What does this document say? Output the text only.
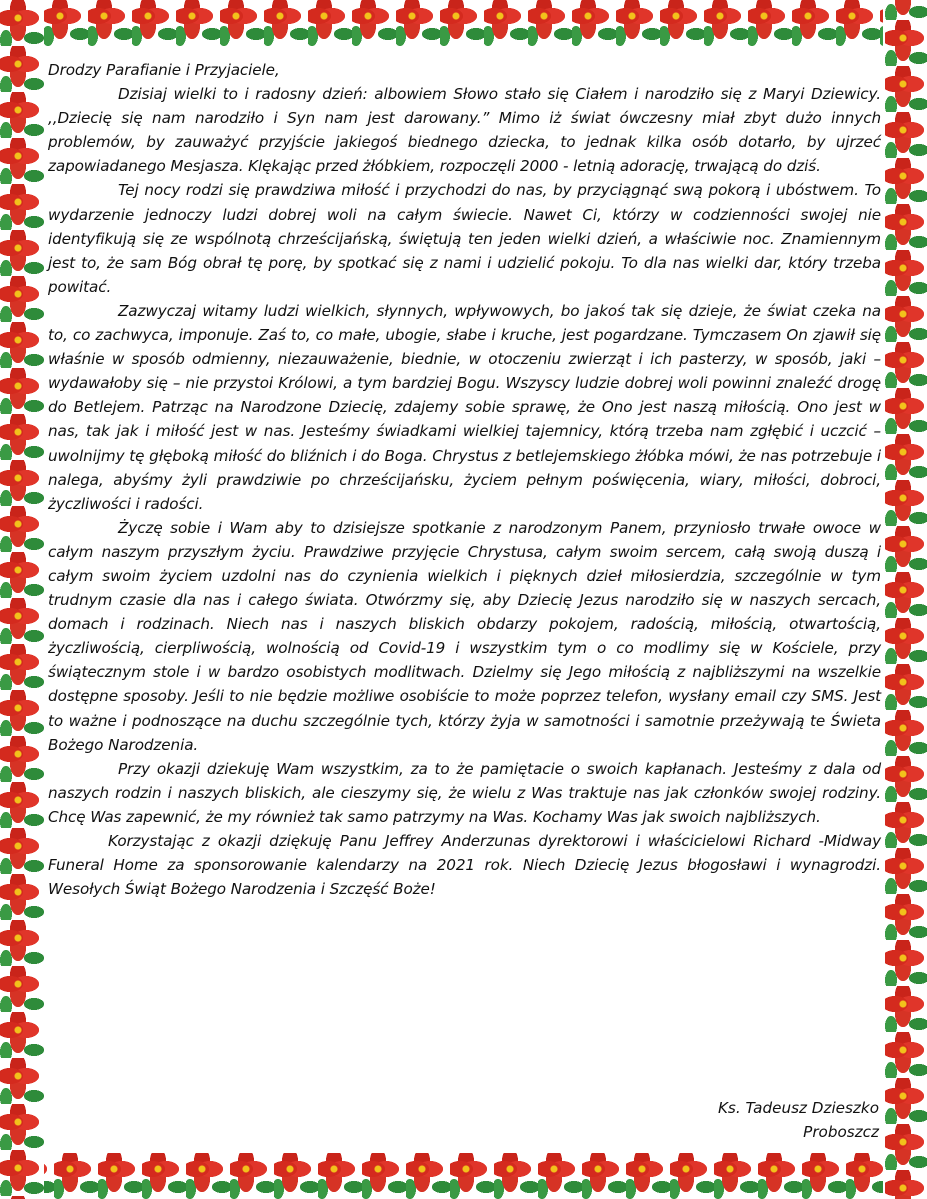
Drodzy Parafianie i Przyjaciele,

Dzisiaj wielki to i radosny dzień: albowiem Słowo stało się Ciałem i narodziło się z Maryi Dziewicy. ,,Dziecię się nam narodziło i Syn nam jest darowany.” Mimo iż świat ówczesny miał zbyt dużo innych problemów, by zauważyć przyjście jakiegoś biednego dziecka, to jednak kilka osób dotarło, by ujrzeć zapowiadanego Mesjasza. Klękając przed żłóbkiem, rozpoczęli 2000 - letnią adorację, trwającą do dziś.

Tej nocy rodzi się prawdziwa miłość i przychodzi do nas, by przyciągnąć swą pokorą i ubóstwem. To wydarzenie jednoczy ludzi dobrej woli na całym świecie. Nawet Ci, którzy w codzienności swojej nie identyfikują się ze wspólnotą chrześcijańską, świętują ten jeden wielki dzień, a właściwie noc. Znamiennym jest to, że sam Bóg obrał tę porę, by spotkać się z nami i udzielić pokoju. To dla nas wielki dar, który trzeba powitać.

Zazwyczaj witamy ludzi wielkich, słynnych, wpływowych, bo jakoś tak się dzieje, że świat czeka na to, co zachwyca, imponuje. Zaś to, co małe, ubogie, słabe i kruche, jest pogardzane. Tymczasem On zjawił się właśnie w sposób odmienny, niezauważenie, biednie, w otoczeniu zwierząt i ich pasterzy, w sposób, jaki – wydawałoby się – nie przystoi Królowi, a tym bardziej Bogu. Wszyscy ludzie dobrej woli powinni znaleźć drogę do Betlejem. Patrząc na Narodzone Dziecię, zdajemy sobie sprawę, że Ono jest naszą miłością. Ono jest w nas, tak jak i miłość jest w nas. Jesteśmy świadkami wielkiej tajemnicy, którą trzeba nam zgłębić i uczcić – uwolnijmy tę głęboką miłość do bliźnich i do Boga. Chrystus z betlejemskiego żłóbka mówi, że nas potrzebuje i nalega, abyśmy żyli prawdziwie po chrześcijańsku, życiem pełnym poświęcenia, wiary, miłości, dobroci, życzliwości i radości.

Życzę sobie i Wam aby to dzisiejsze spotkanie z narodzonym Panem, przyniosło trwałe owoce w całym naszym przyszłym życiu. Prawdziwe przyjęcie Chrystusa, całym swoim sercem, całą swoją duszą i całym swoim życiem uzdolni nas do czynienia wielkich i pięknych dzieł miłosierdzia, szczególnie w tym trudnym czasie dla nas i całego świata. Otwórzmy się, aby Dziecię Jezus narodziło się w naszych sercach, domach i rodzinach. Niech nas i naszych bliskich obdarzy pokojem, radością, miłością, otwartością, życzliwością, cierpliwością, wolnością od Covid-19 i wszystkim tym o co modlimy się w Kościele, przy świątecznym stole i w bardzo osobistych modlitwach. Dzielmy się Jego miłością z najbliższymi na wszelkie dostępne sposoby. Jeśli to nie będzie możliwe osobiście to może poprzez telefon, wysłany email czy SMS. Jest to ważne i podnoszące na duchu szczególnie tych, którzy żyja w samotności i samotnie przeżywają te Świeta Bożego Narodzenia.

Przy okazji dziekuję Wam wszystkim, za to że pamiętacie o swoich kapłanach. Jesteśmy z dala od naszych rodzin i naszych bliskich, ale cieszymy się, że wielu z Was traktuje nas jak członków swojej rodziny. Chcę Was zapewnić, że my również tak samo patrzymy na Was. Kochamy Was jak swoich najbliższych.

Korzystając z okazji dziękuję Panu Jeffrey Anderzunas dyrektorowi i właścicielowi Richard -Midway Funeral Home za sponsorowanie kalendarzy na 2021 rok. Niech Dziecię Jezus błogosławi i wynagrodzi. Wesołych Świąt Bożego Narodzenia i Szczęść Boże!

Ks. Tadeusz Dzieszko
Proboszcz
